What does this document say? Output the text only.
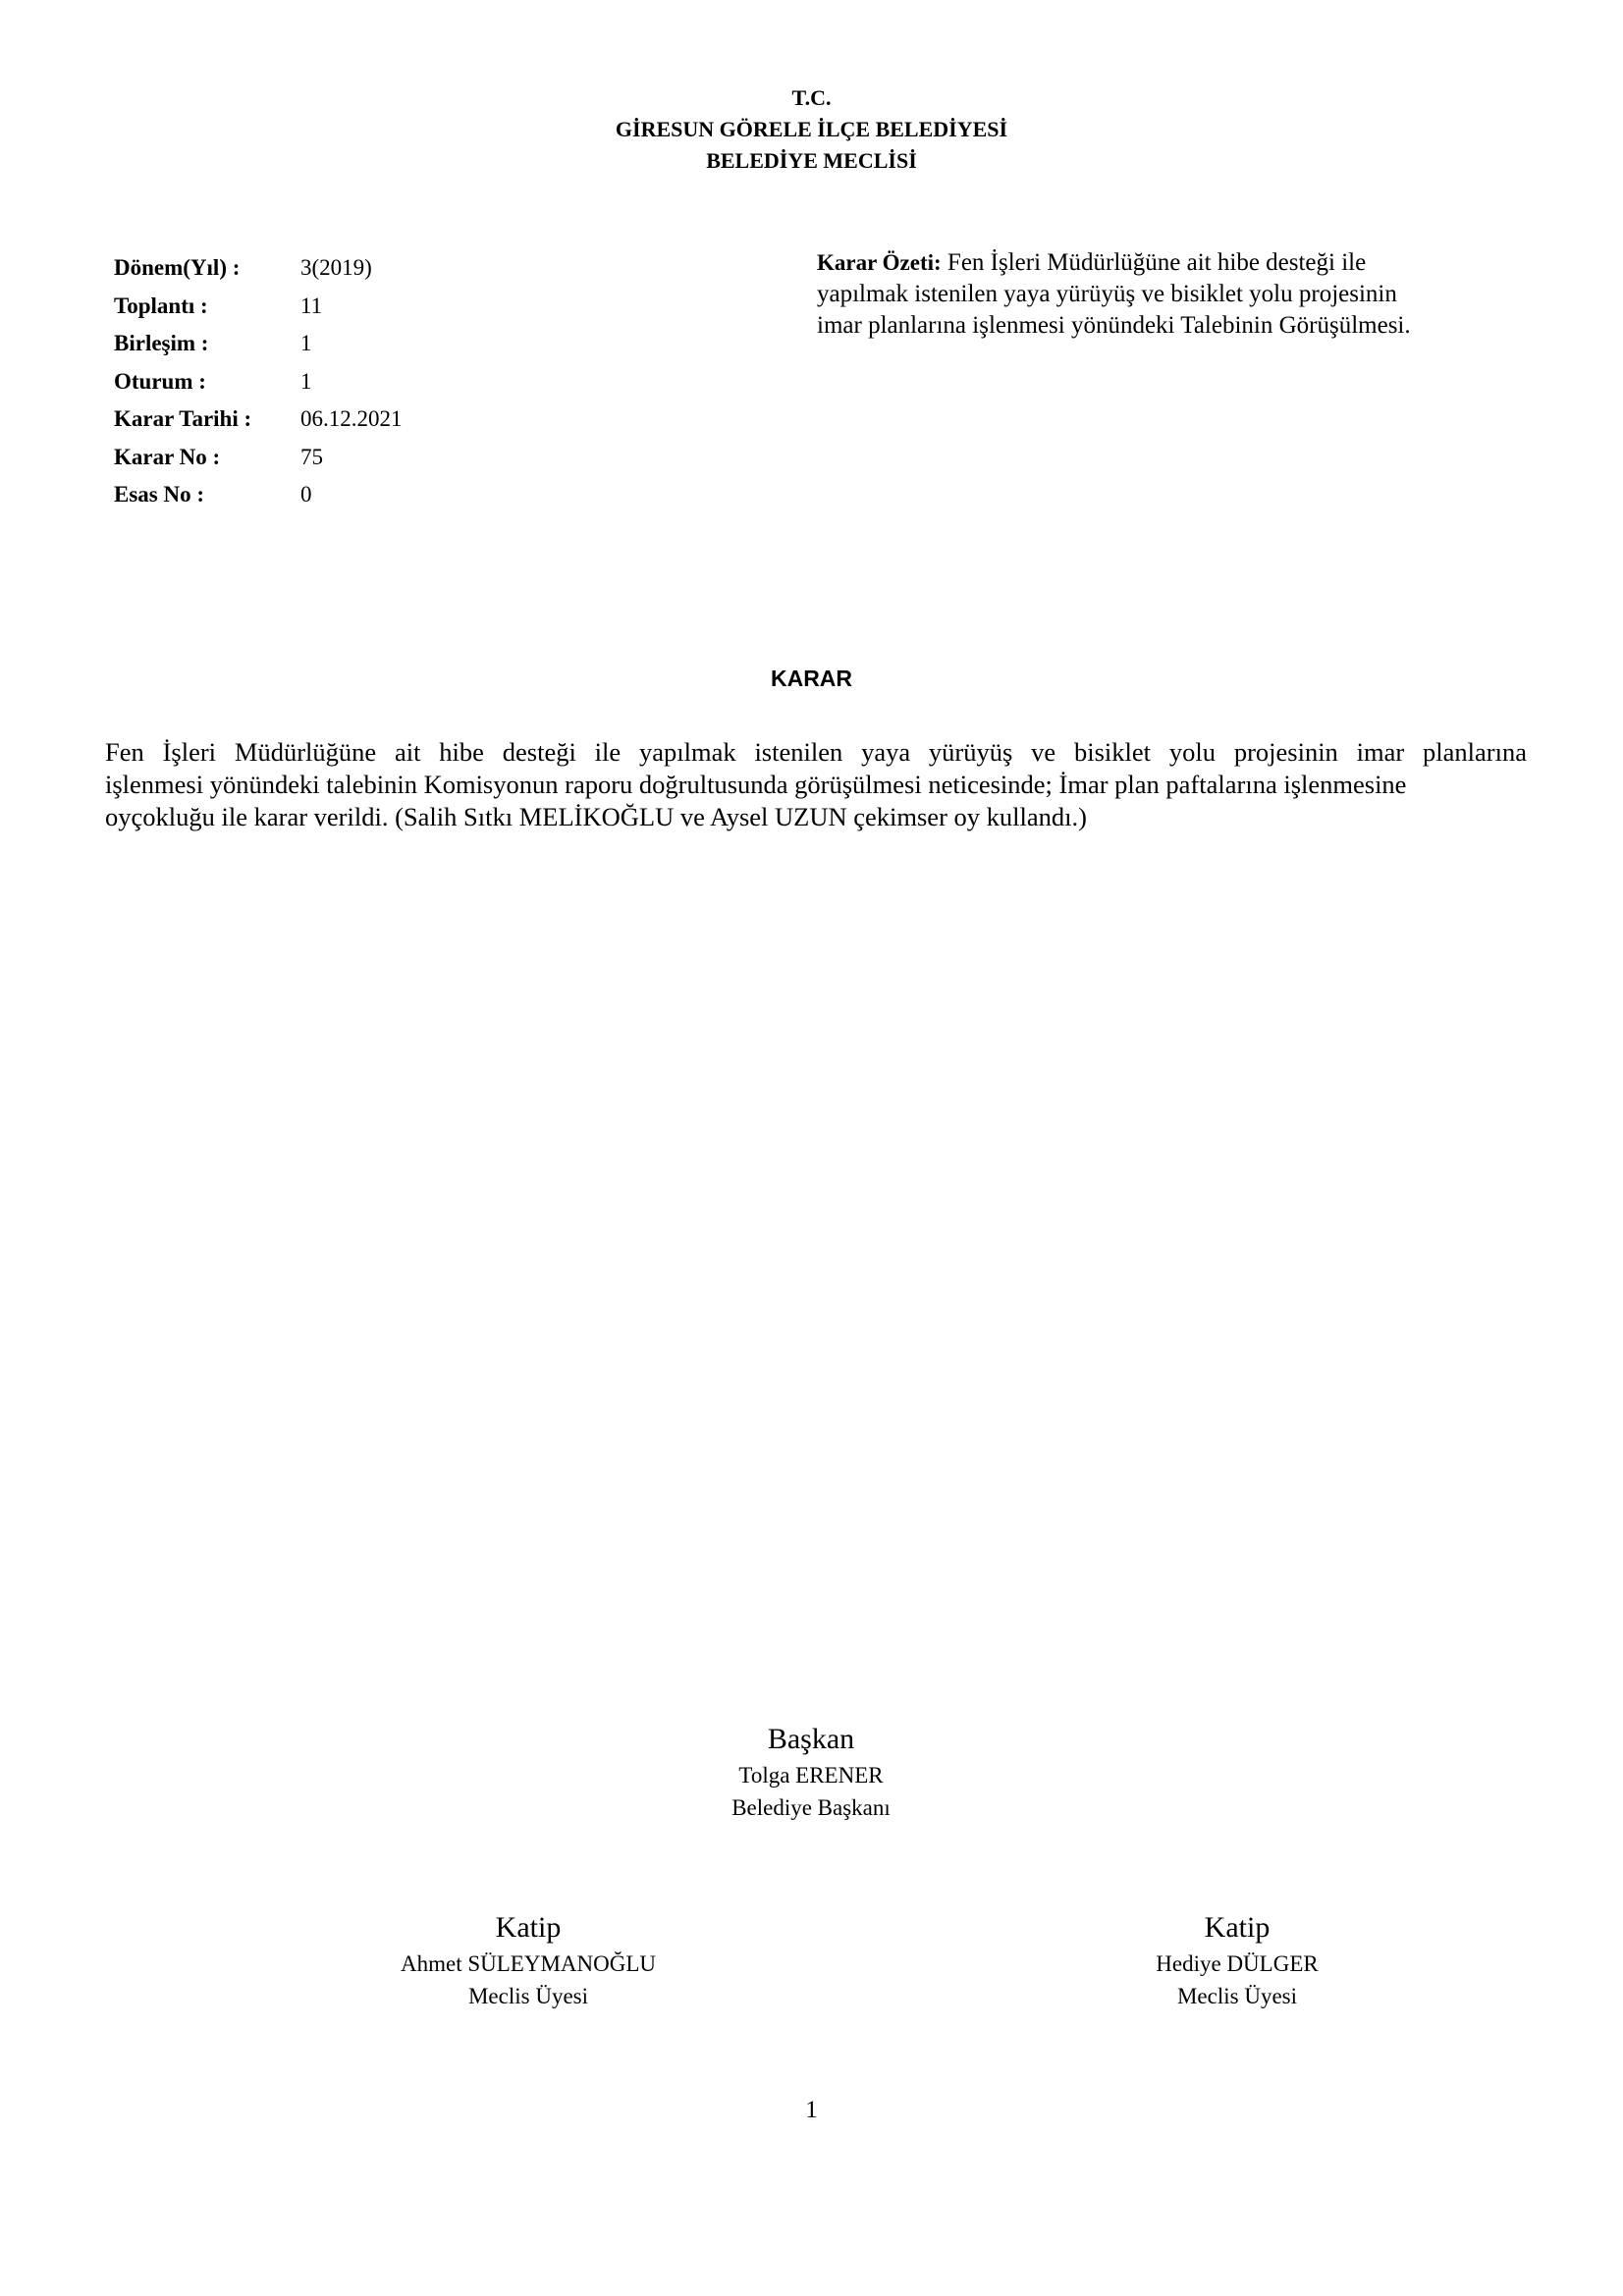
T.C.
GİRESUN GÖRELE İLÇE BELEDİYESİ
BELEDİYE MECLİSİ
Dönem(Yıl) :	3(2019)
Toplantı :	11
Birleşim :	1
Oturum :	1
Karar Tarihi :	06.12.2021
Karar No :	75
Esas No :	0
Karar Özeti: Fen İşleri Müdürlüğüne ait hibe desteği ile
yapılmak istenilen yaya yürüyüş ve bisiklet yolu projesinin
imar planlarına işlenmesi yönündeki Talebinin Görüşülmesi.
KARAR
Fen İşleri Müdürlüğüne ait hibe desteği ile yapılmak istenilen yaya yürüyüş ve bisiklet yolu projesinin imar planlarına
işlenmesi yönündeki talebinin Komisyonun raporu doğrultusunda görüşülmesi neticesinde; İmar plan paftalarına işlenmesine
oyçokluğu ile karar verildi. (Salih Sıtkı MELİKOĞLU ve Aysel UZUN çekimser oy kullandı.)
Başkan
Tolga ERENER
Belediye Başkanı
Katip
Ahmet SÜLEYMANOĞLU
Meclis Üyesi
Katip
Hediye DÜLGER
Meclis Üyesi
1
